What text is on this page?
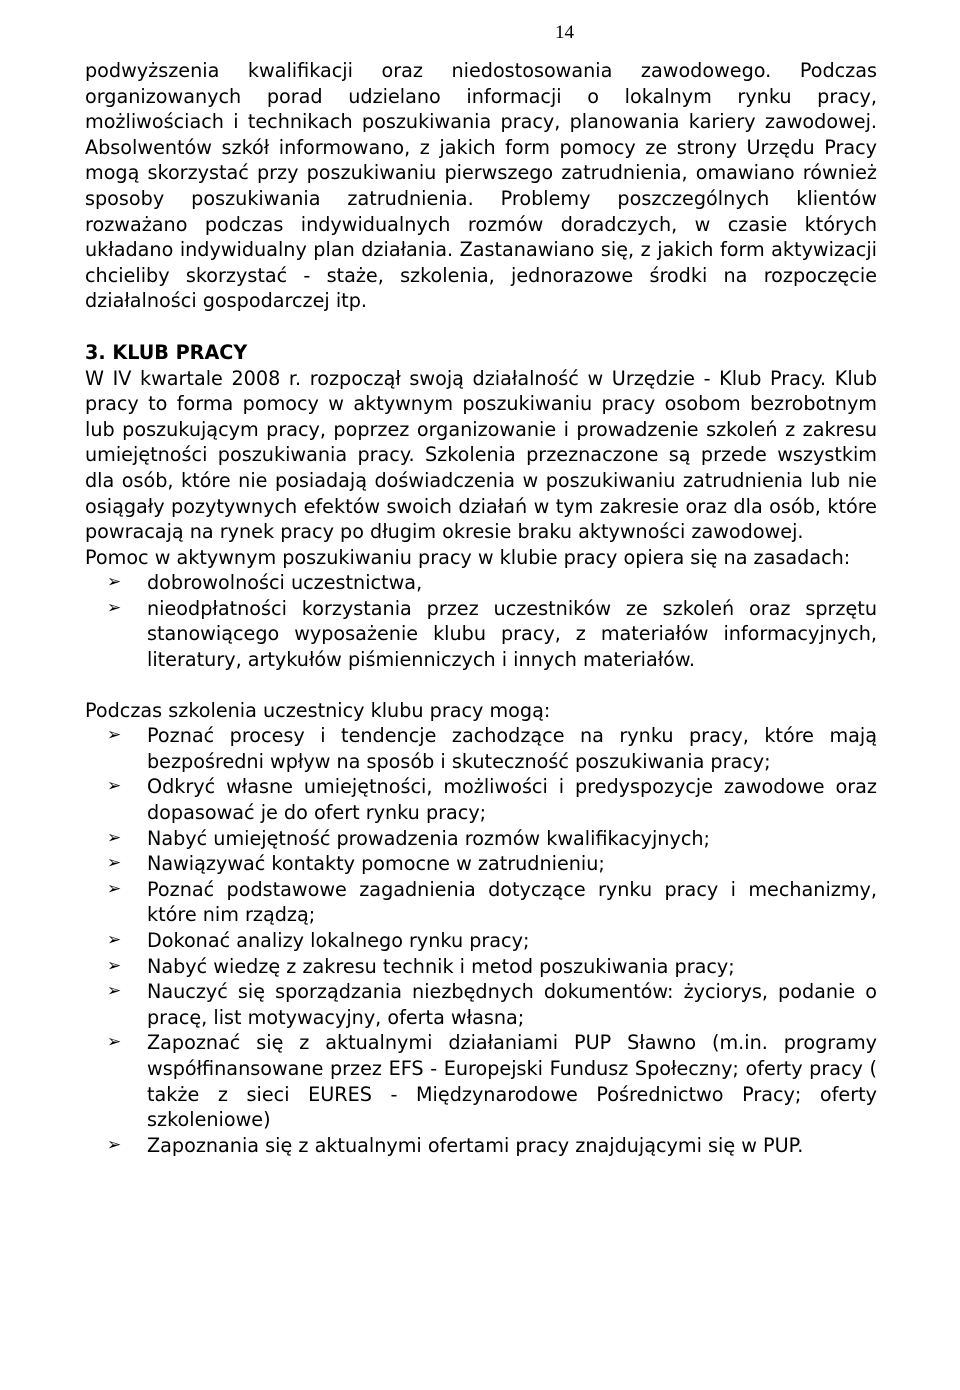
14

podwyższenia kwalifikacji oraz niedostosowania zawodowego. Podczas organizowanych porad udzielano informacji o lokalnym rynku pracy, możliwościach i technikach poszukiwania pracy, planowania kariery zawodowej. Absolwentów szkół informowano, z jakich form pomocy ze strony Urzędu Pracy mogą skorzystać przy poszukiwaniu pierwszego zatrudnienia, omawiano również sposoby poszukiwania zatrudnienia. Problemy poszczególnych klientów rozważano podczas indywidualnych rozmów doradczych, w czasie których układano indywidualny plan działania. Zastanawiano się, z jakich form aktywizacji chcieliby skorzystać - staże, szkolenia, jednorazowe środki na rozpoczęcie działalności gospodarczej itp.

3. KLUB PRACY

W IV kwartale 2008 r. rozpoczął swoją działalność w Urzędzie - Klub Pracy. Klub pracy to forma pomocy w aktywnym poszukiwaniu pracy osobom bezrobotnym lub poszukującym pracy, poprzez organizowanie i prowadzenie szkoleń z zakresu umiejętności poszukiwania pracy. Szkolenia przeznaczone są przede wszystkim dla osób, które nie posiadają doświadczenia w poszukiwaniu zatrudnienia lub nie osiągały pozytywnych efektów swoich działań w tym zakresie oraz dla osób, które powracają na rynek pracy po długim okresie braku aktywności zawodowej.

Pomoc w aktywnym poszukiwaniu pracy w klubie pracy opiera się na zasadach:

➢ dobrowolności uczestnictwa,
➢ nieodpłatności korzystania przez uczestników ze szkoleń oraz sprzętu stanowiącego wyposażenie klubu pracy, z materiałów informacyjnych, literatury, artykułów piśmienniczych i innych materiałów.

Podczas szkolenia uczestnicy klubu pracy mogą:

➢ Poznać procesy i tendencje zachodzące na rynku pracy, które mają bezpośredni wpływ na sposób i skuteczność poszukiwania pracy;
➢ Odkryć własne umiejętności, możliwości i predyspozycje zawodowe oraz dopasować je do ofert rynku pracy;
➢ Nabyć umiejętność prowadzenia rozmów kwalifikacyjnych;
➢ Nawiązywać kontakty pomocne w zatrudnieniu;
➢ Poznać podstawowe zagadnienia dotyczące rynku pracy i mechanizmy, które nim rządzą;
➢ Dokonać analizy lokalnego rynku pracy;
➢ Nabyć wiedzę z zakresu technik i metod poszukiwania pracy;
➢ Nauczyć się sporządzania niezbędnych dokumentów: życiorys, podanie o pracę, list motywacyjny, oferta własna;
➢ Zapoznać się z aktualnymi działaniami PUP Sławno (m.in. programy współfinansowane przez EFS - Europejski Fundusz Społeczny; oferty pracy ( także z sieci EURES - Międzynarodowe Pośrednictwo Pracy; oferty szkoleniowe)
➢ Zapoznania się z aktualnymi ofertami pracy znajdującymi się w PUP.
